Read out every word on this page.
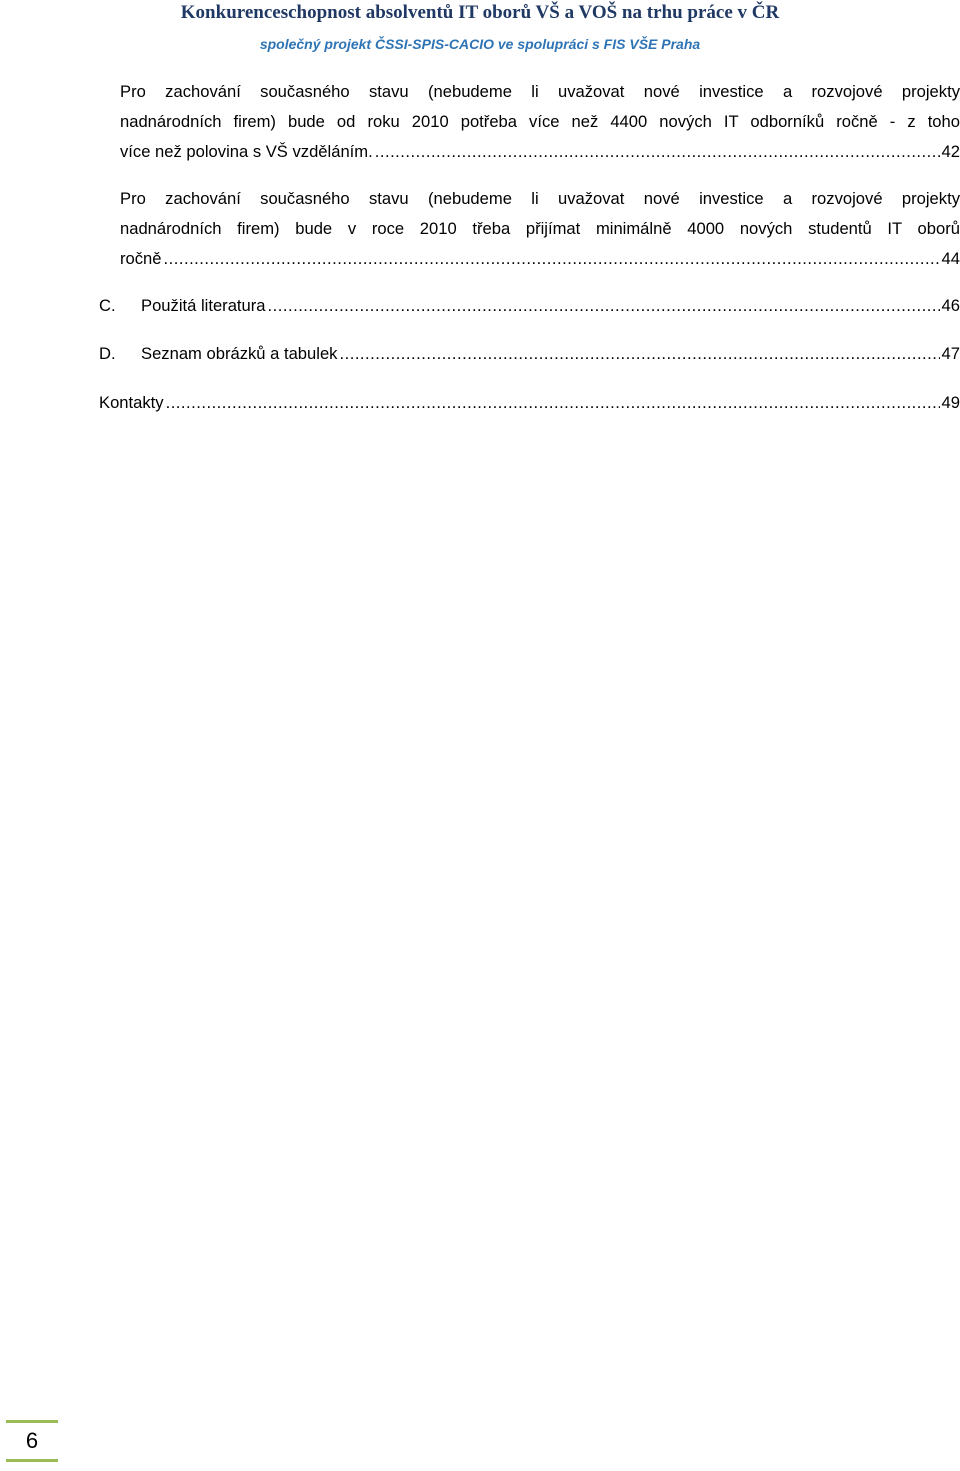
Konkurenceschopnost absolventů IT oborů VŠ a VOŠ na trhu práce v ČR
společný projekt ČSSI-SPIS-CACIO ve spolupráci s FIS VŠE Praha
Pro zachování současného stavu (nebudeme li uvažovat nové investice a rozvojové projekty
nadnárodních firem) bude od roku 2010 potřeba více než 4400 nových IT odborníků ročně - z toho
více než polovina s VŠ vzděláním. .....	42
Pro zachování současného stavu (nebudeme li uvažovat nové investice a rozvojové projekty
nadnárodních firem) bude v roce 2010 třeba přijímat minimálně 4000 nových studentů IT oborů
ročně .....	44
C. Použitá literatura .....	46
D. Seznam obrázků a tabulek .....	47
Kontakty .....	49
6
